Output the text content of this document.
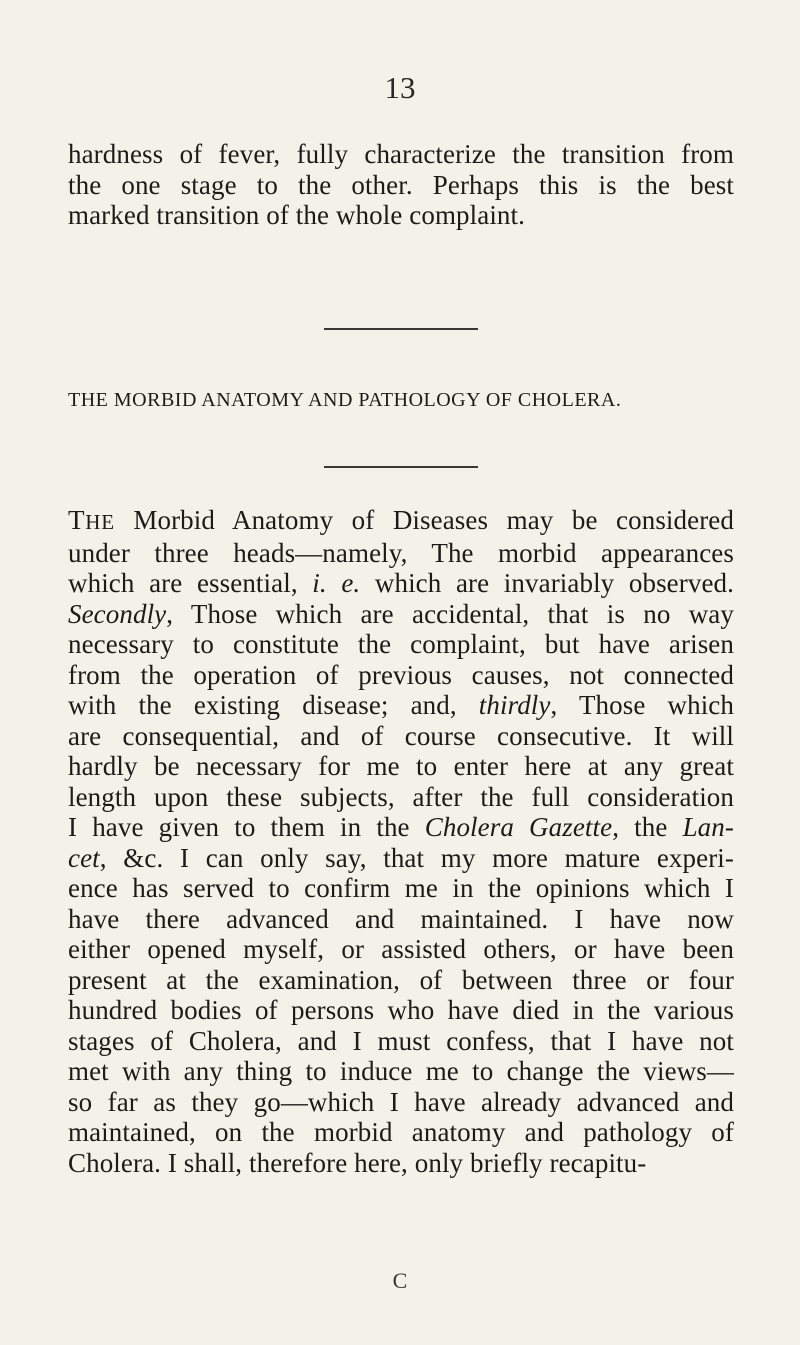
13
hardness of fever, fully characterize the transition from
the one stage to the other. Perhaps this is the best
marked transition of the whole complaint.
THE MORBID ANATOMY AND PATHOLOGY OF CHOLERA.
THE Morbid Anatomy of Diseases may be considered
under three heads—namely, The morbid appearances
which are essential, i. e. which are invariably observed.
Secondly, Those which are accidental, that is no way
necessary to constitute the complaint, but have arisen
from the operation of previous causes, not connected
with the existing disease; and, thirdly, Those which
are consequential, and of course consecutive. It will
hardly be necessary for me to enter here at any great
length upon these subjects, after the full consideration
I have given to them in the Cholera Gazette, the Lan-
cet, &c. I can only say, that my more mature experi-
ence has served to confirm me in the opinions which I
have there advanced and maintained. I have now
either opened myself, or assisted others, or have been
present at the examination, of between three or four
hundred bodies of persons who have died in the various
stages of Cholera, and I must confess, that I have not
met with any thing to induce me to change the views—
so far as they go—which I have already advanced and
maintained, on the morbid anatomy and pathology of
Cholera. I shall, therefore here, only briefly recapitu-
C
